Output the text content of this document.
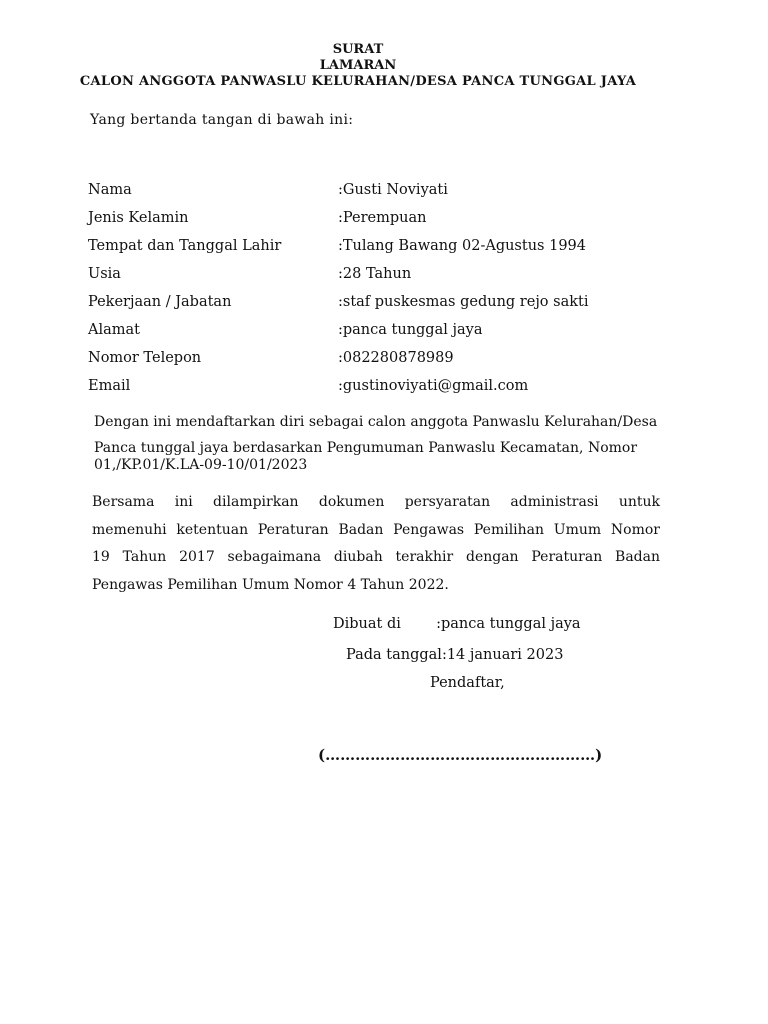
SURAT
LAMARAN
CALON ANGGOTA PANWASLU KELURAHAN/DESA PANCA TUNGGAL JAYA
Yang bertanda tangan di bawah ini:
Nama	:Gusti Noviyati
Jenis Kelamin	:Perempuan
Tempat dan Tanggal Lahir	:Tulang Bawang 02-Agustus 1994
Usia	:28 Tahun
Pekerjaan / Jabatan	:staf puskesmas gedung rejo sakti
Alamat	:panca tunggal jaya
Nomor Telepon	:082280878989
Email	:gustinoviyati@gmail.com
Dengan ini mendaftarkan diri sebagai calon anggota Panwaslu Kelurahan/Desa
Panca tunggal jaya berdasarkan Pengumuman Panwaslu Kecamatan, Nomor
01,/KP.01/K.LA-09-10/01/2023
Bersama ini dilampirkan dokumen persyaratan administrasi untuk
memenuhi ketentuan Peraturan Badan Pengawas Pemilihan Umum Nomor
19 Tahun 2017 sebagaimana diubah terakhir dengan Peraturan Badan
Pengawas Pemilihan Umum Nomor 4 Tahun 2022.
Dibuat di :panca tunggal jaya
Pada tanggal:14 januari 2023
Pendaftar,
(………………………………………………)
